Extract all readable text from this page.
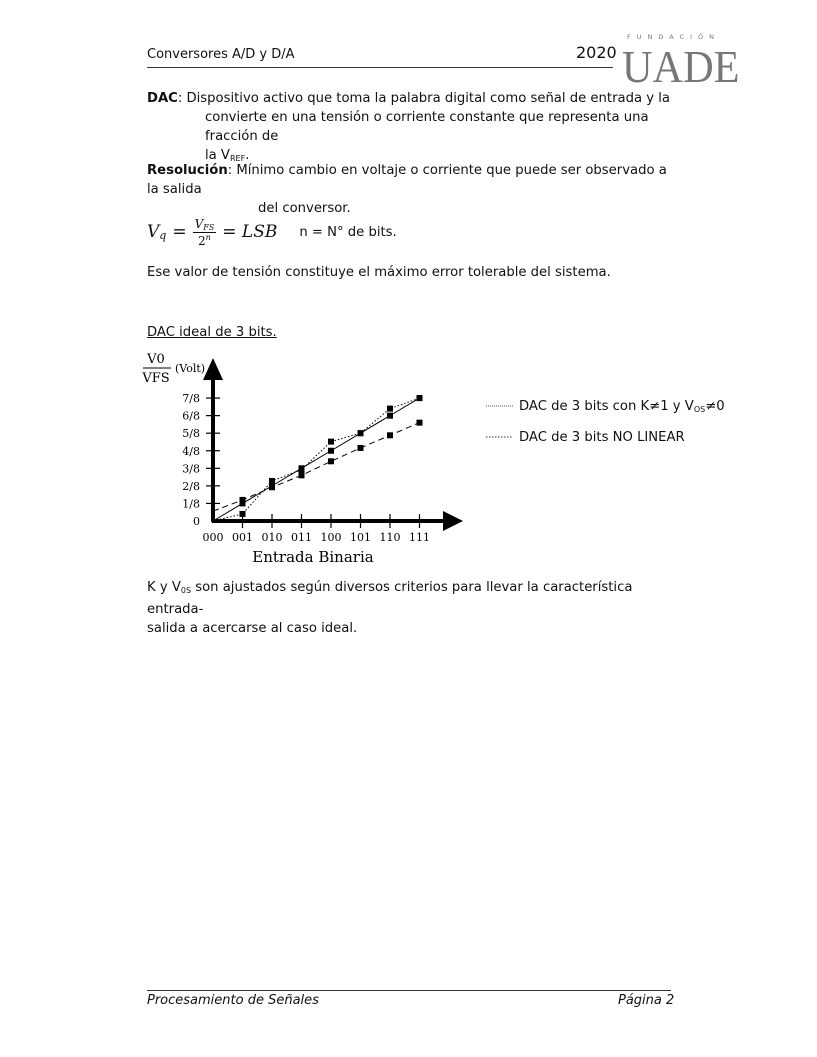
Conversores A/D y D/A	2020
FUNDACIÓN
UADE
DAC: Dispositivo activo que toma la palabra digital como señal de entrada y la
convierte en una tensión o corriente constante que representa una fracción de
la $V_{REF}$.
Resolución: Mínimo cambio en voltaje o corriente que puede ser observado a la salida
del conversor.
$V_q = V_{FS}$
$2^n$ = LSB n = N° de bits.
Ese valor de tensión constituye el máximo error tolerable del sistema.
DAC ideal de 3 bits.
0
1/8
2/8
3/8
4/8
5/8
6/8
7/8
000 001 010 011 100 101 110 111
Entrada Binaria
V0
VFS
(Volt)
DAC de 3 bits con K≠1 y $V_{OS}\ne 0$
DAC de 3 bits NO LINEAR
K y $V_{0S}$ son ajustados según diversos criterios para llevar la característica entrada-
salida a acercarse al caso ideal.
Procesamiento de Señales	Página 2
